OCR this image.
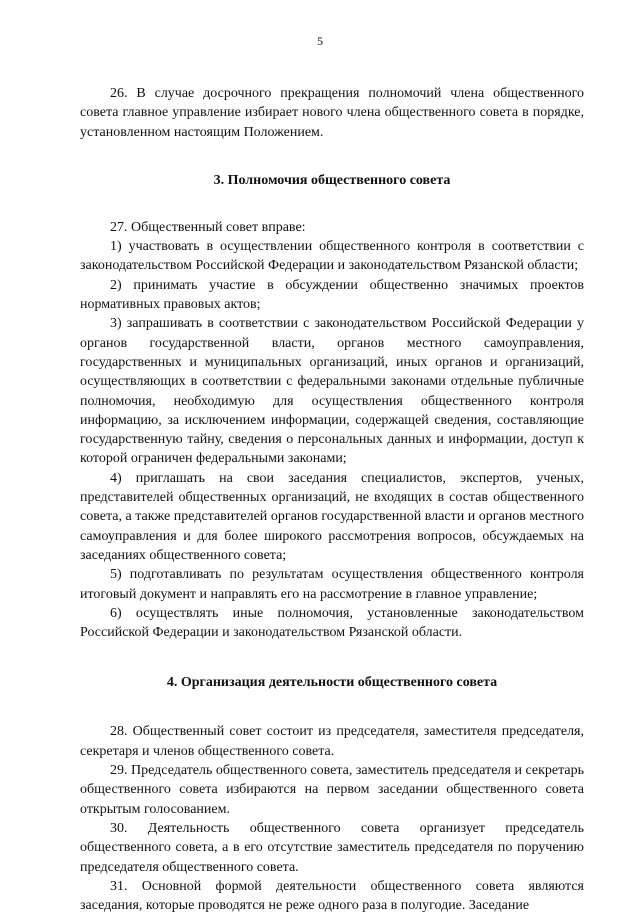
5

26. В случае досрочного прекращения полномочий члена общественного совета главное управление избирает нового члена общественного совета в порядке, установленном настоящим Положением.

3. Полномочия общественного совета

27. Общественный совет вправе:

1) участвовать в осуществлении общественного контроля в соответствии с законодательством Российской Федерации и законодательством Рязанской области;

2) принимать участие в обсуждении общественно значимых проектов нормативных правовых актов;

3) запрашивать в соответствии с законодательством Российской Федерации у органов государственной власти, органов местного самоуправления, государственных и муниципальных организаций, иных органов и организаций, осуществляющих в соответствии с федеральными законами отдельные публичные полномочия, необходимую для осуществления общественного контроля информацию, за исключением информации, содержащей сведения, составляющие государственную тайну, сведения о персональных данных и информации, доступ к которой ограничен федеральными законами;

4) приглашать на свои заседания специалистов, экспертов, ученых, представителей общественных организаций, не входящих в состав общественного совета, а также представителей органов государственной власти и органов местного самоуправления и для более широкого рассмотрения вопросов, обсуждаемых на заседаниях общественного совета;

5) подготавливать по результатам осуществления общественного контроля итоговый документ и направлять его на рассмотрение в главное управление;

6) осуществлять иные полномочия, установленные законодательством Российской Федерации и законодательством Рязанской области.

4. Организация деятельности общественного совета

28. Общественный совет состоит из председателя, заместителя председателя, секретаря и членов общественного совета.

29. Председатель общественного совета, заместитель председателя и секретарь общественного совета избираются на первом заседании общественного совета открытым голосованием.

30. Деятельность общественного совета организует председатель общественного совета, а в его отсутствие заместитель председателя по поручению председателя общественного совета.

31. Основной формой деятельности общественного совета являются заседания, которые проводятся не реже одного раза в полугодие. Заседание
